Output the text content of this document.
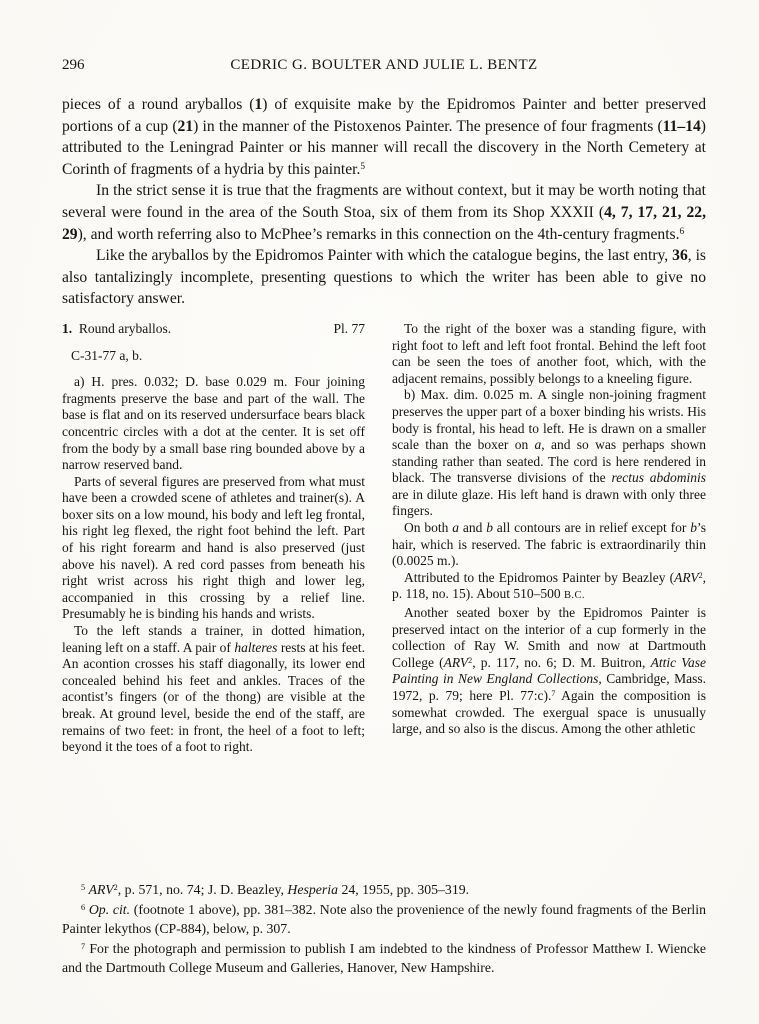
296	CEDRIC G. BOULTER AND JULIE L. BENTZ

pieces of a round aryballos (1) of exquisite make by the Epidromos Painter and better preserved portions of a cup (21) in the manner of the Pistoxenos Painter. The presence of four fragments (11–14) attributed to the Leningrad Painter or his manner will recall the discovery in the North Cemetery at Corinth of fragments of a hydria by this painter.$^5$

In the strict sense it is true that the fragments are without context, but it may be worth noting that several were found in the area of the South Stoa, six of them from its Shop XXXII (4, 7, 17, 21, 22, 29), and worth referring also to McPhee’s remarks in this connection on the 4th-century fragments.$^6$

Like the aryballos by the Epidromos Painter with which the catalogue begins, the last entry, 36, is also tantalizingly incomplete, presenting questions to which the writer has been able to give no satisfactory answer.

1.  Round aryballos.	Pl. 77
C-31-77 a, b.

a) H. pres. 0.032; D. base 0.029 m. Four joining fragments preserve the base and part of the wall. The base is flat and on its reserved undersurface bears black concentric circles with a dot at the center. It is set off from the body by a small base ring bounded above by a narrow reserved band.

Parts of several figures are preserved from what must have been a crowded scene of athletes and trainer(s). A boxer sits on a low mound, his body and left leg frontal, his right leg flexed, the right foot behind the left. Part of his right forearm and hand is also preserved (just above his navel). A red cord passes from beneath his right wrist across his right thigh and lower leg, accompanied in this crossing by a relief line. Presumably he is binding his hands and wrists.

To the left stands a trainer, in dotted himation, leaning left on a staff. A pair of halteres rests at his feet. An acontion crosses his staff diagonally, its lower end concealed behind his feet and ankles. Traces of the acontist’s fingers (or of the thong) are visible at the break. At ground level, beside the end of the staff, are remains of two feet: in front, the heel of a foot to left; beyond it the toes of a foot to right.

To the right of the boxer was a standing figure, with right foot to left and left foot frontal. Behind the left foot can be seen the toes of another foot, which, with the adjacent remains, possibly belongs to a kneeling figure.

b) Max. dim. 0.025 m. A single non-joining fragment preserves the upper part of a boxer binding his wrists. His body is frontal, his head to left. He is drawn on a smaller scale than the boxer on a, and so was perhaps shown standing rather than seated. The cord is here rendered in black. The transverse divisions of the rectus abdominis are in dilute glaze. His left hand is drawn with only three fingers.

On both a and b all contours are in relief except for b’s hair, which is reserved. The fabric is extraordinarily thin (0.0025 m.).

Attributed to the Epidromos Painter by Beazley (ARV$^2$, p. 118, no. 15). About 510–500 B.C.

Another seated boxer by the Epidromos Painter is preserved intact on the interior of a cup formerly in the collection of Ray W. Smith and now at Dartmouth College (ARV$^2$, p. 117, no. 6; D. M. Buitron, Attic Vase Painting in New England Collections, Cambridge, Mass. 1972, p. 79; here Pl. 77:c).$^7$ Again the composition is somewhat crowded. The exergual space is unusually large, and so also is the discus. Among the other athletic

$^5$ ARV$^2$, p. 571, no. 74; J. D. Beazley, Hesperia 24, 1955, pp. 305–319.

$^6$ Op. cit. (footnote 1 above), pp. 381–382. Note also the provenience of the newly found fragments of the Berlin Painter lekythos (CP-884), below, p. 307.

$^7$ For the photograph and permission to publish I am indebted to the kindness of Professor Matthew I. Wiencke and the Dartmouth College Museum and Galleries, Hanover, New Hampshire.
